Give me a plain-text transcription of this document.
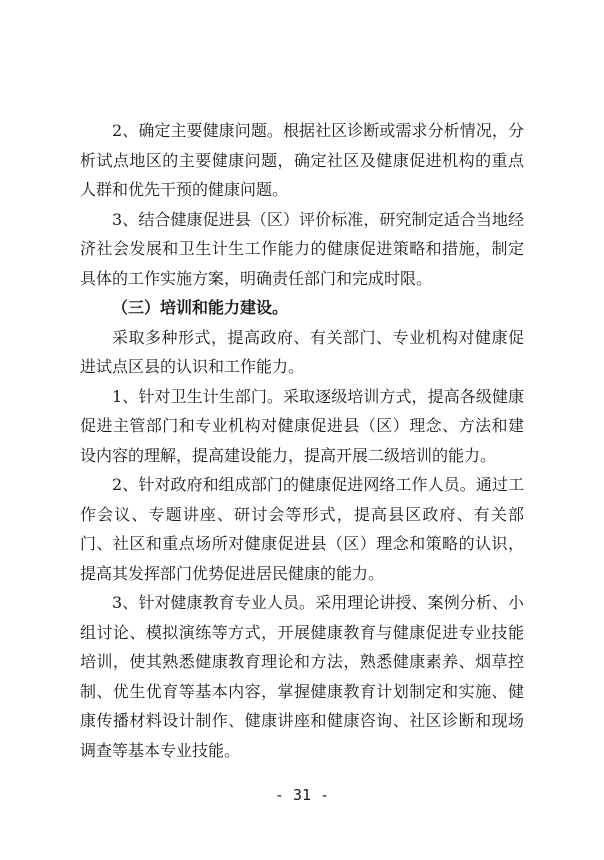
2、确定主要健康问题。根据社区诊断或需求分析情况，分析试点地区的主要健康问题，确定社区及健康促进机构的重点人群和优先干预的健康问题。

3、结合健康促进县（区）评价标准，研究制定适合当地经济社会发展和卫生计生工作能力的健康促进策略和措施，制定具体的工作实施方案，明确责任部门和完成时限。

（三）培训和能力建设。

采取多种形式，提高政府、有关部门、专业机构对健康促进试点区县的认识和工作能力。

1、针对卫生计生部门。采取逐级培训方式，提高各级健康促进主管部门和专业机构对健康促进县（区）理念、方法和建设内容的理解，提高建设能力，提高开展二级培训的能力。

2、针对政府和组成部门的健康促进网络工作人员。通过工作会议、专题讲座、研讨会等形式，提高县区政府、有关部门、社区和重点场所对健康促进县（区）理念和策略的认识，提高其发挥部门优势促进居民健康的能力。

3、针对健康教育专业人员。采用理论讲授、案例分析、小组讨论、模拟演练等方式，开展健康教育与健康促进专业技能培训，使其熟悉健康教育理论和方法，熟悉健康素养、烟草控制、优生优育等基本内容，掌握健康教育计划制定和实施、健康传播材料设计制作、健康讲座和健康咨询、社区诊断和现场调查等基本专业技能。

- 31 -
